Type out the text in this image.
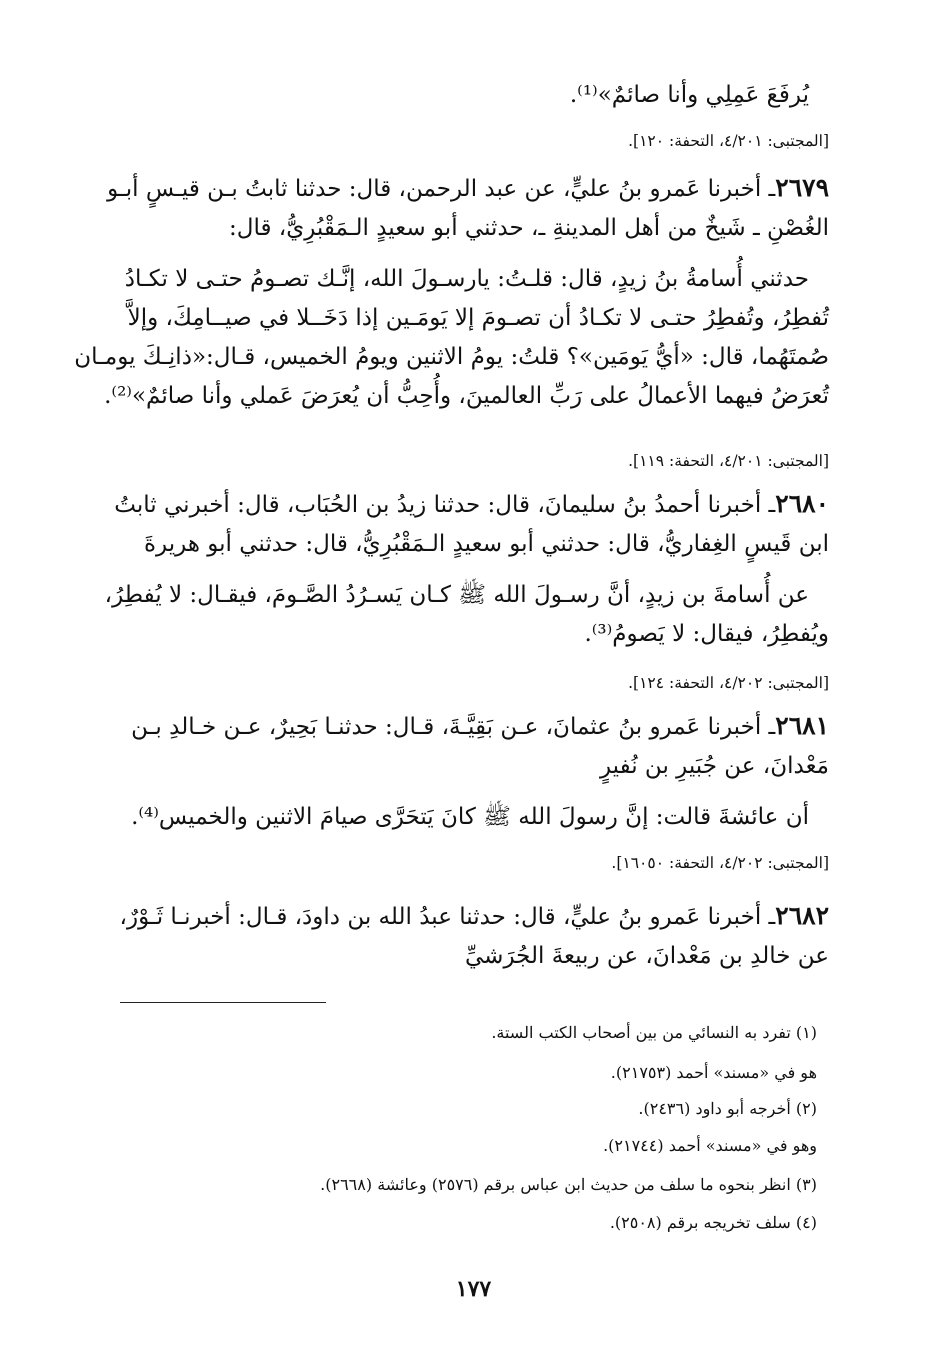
يُرفَعَ عَمِلِي وأنا صائمٌ»⁽¹⁾.
[المجتبى: ٤/٢٠١، التحفة: ١٢٠].
٢٦٧٩ـ أخبرنا عَمرو بنُ عليٍّ، عن عبد الرحمن، قال: حدثنا ثابتُ بـن قيـسٍ أبـو
الغُصْنِ ـ شَيخٌ من أهل المدينةِ ـ، حدثني أبو سعيدٍ الـمَقْبُرِيُّ، قال:
حدثني أُسامةُ بنُ زيدٍ، قال: قلـتُ: يارسـولَ الله، إنَّـك تصـومُ حتـى لا تكـادُ
تُفطِرُ، وتُفطِرُ حتـى لا تكـادُ أن تصـومَ إلا يَومَـين إذا دَخَــلا في صيــامِكَ، وإلاَّ
صُمتَهُما، قال: «أيُّ يَومَين»؟ قلتُ: يومُ الاثنين ويومُ الخميس، قـال:«ذانِـكَ يومـان
تُعرَضُ فيهما الأعمالُ على رَبِّ العالمينَ، وأُحِبُّ أن يُعرَضَ عَملي وأنا صائمٌ»⁽²⁾.
[المجتبى: ٤/٢٠١، التحفة: ١١٩].
٢٦٨٠ـ أخبرنا أحمدُ بنُ سليمانَ، قال: حدثنا زيدُ بن الحُبَاب، قال: أخبرني ثابتُ
ابن قَيسٍ الغِفاريُّ، قال: حدثني أبو سعيدٍ الـمَقْبُرِيُّ، قال: حدثني أبو هريرةَ
عن أُسامةَ بن زيدٍ، أنَّ رسـولَ الله ﷺ كـان يَسـرُدُ الصَّـومَ، فيقـال: لا يُفطِرُ،
ويُفطِرُ، فيقال: لا يَصومُ⁽³⁾.
[المجتبى: ٤/٢٠٢، التحفة: ١٢٤].
٢٦٨١ـ أخبرنا عَمرو بنُ عثمانَ، عـن بَقِيَّـةَ، قـال: حدثنـا بَحِيرٌ، عـن خـالدِ بـن
مَعْدانَ، عن جُبَيرِ بن نُفيرٍ
أن عائشةَ قالت: إنَّ رسولَ الله ﷺ كانَ يَتحَرَّى صيامَ الاثنين والخميس⁽⁴⁾.
[المجتبى: ٤/٢٠٢، التحفة: ١٦٠٥٠].
٢٦٨٢ـ أخبرنا عَمرو بنُ عليٍّ، قال: حدثنا عبدُ الله بن داودَ، قـال: أخبرنـا ثَـوْرٌ،
عن خالدِ بن مَعْدانَ، عن ربيعةَ الجُرَشيِّ
(١) تفرد به النسائي من بين أصحاب الكتب الستة.
هو في «مسند» أحمد (٢١٧٥٣).
(٢) أخرجه أبو داود (٢٤٣٦).
وهو في «مسند» أحمد (٢١٧٤٤).
(٣) انظر بنحوه ما سلف من حديث ابن عباس برقم (٢٥٧٦) وعائشة (٢٦٦٨).
(٤) سلف تخريجه برقم (٢٥٠٨).
١٧٧
